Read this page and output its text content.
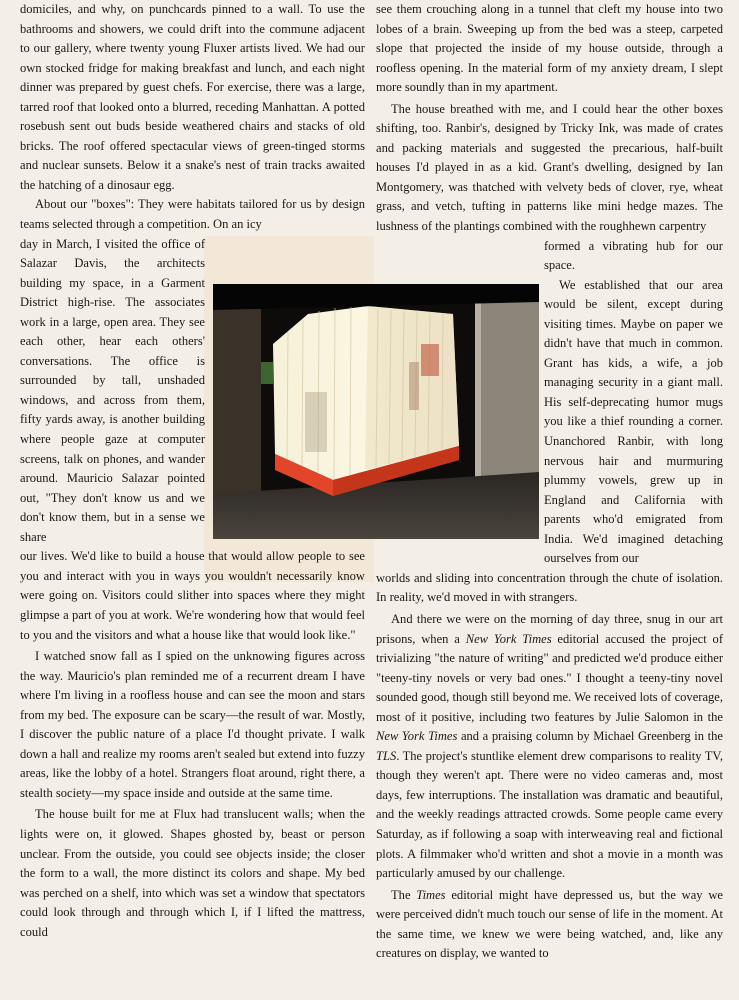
domiciles, and why, on punchcards pinned to a wall. To use the bathrooms and showers, we could drift into the commune adjacent to our gallery, where twenty young Fluxer artists lived. We had our own stocked fridge for making breakfast and lunch, and each night dinner was prepared by guest chefs. For exercise, there was a large, tarred roof that looked onto a blurred, receding Manhattan. A potted rosebush sent out buds beside weathered chairs and stacks of old bricks. The roof offered spectacular views of green-tinged storms and nuclear sunsets. Below it a snake's nest of train tracks awaited the hatching of a dinosaur egg.

About our "boxes": They were habitats tailored for us by design teams selected through a competition. On an icy

day in March, I visited the office of Salazar Davis, the architects building my space, in a Garment District high-rise. The associates work in a large, open area. They see each other, hear each others' conversations. The office is surrounded by tall, unshaded windows, and across from them, fifty yards away, is another building where people gaze at computer screens, talk on phones, and wander around. Mauricio Salazar pointed out, "They don't know us and we don't know them, but in a sense we share

our lives. We'd like to build a house that would allow people to see you and interact with you in ways you wouldn't necessarily know were going on. Visitors could slither into spaces where they might glimpse a part of you at work. We're wondering how that would feel to you and the visitors and what a house like that would look like."

I watched snow fall as I spied on the unknowing figures across the way. Mauricio's plan reminded me of a recurrent dream I have where I'm living in a roofless house and can see the moon and stars from my bed. The exposure can be scary—the result of war. Mostly, I discover the public nature of a place I'd thought private. I walk down a hall and realize my rooms aren't sealed but extend into fuzzy areas, like the lobby of a hotel. Strangers float around, right there, a stealth society—my space inside and outside at the same time.

The house built for me at Flux had translucent walls; when the lights were on, it glowed. Shapes ghosted by, beast or person unclear. From the outside, you could see objects inside; the closer the form to a wall, the more distinct its colors and shape. My bed was perched on a shelf, into which was set a window that spectators could look through and through which I, if I lifted the mattress, could

see them crouching along in a tunnel that cleft my house into two lobes of a brain. Sweeping up from the bed was a steep, carpeted slope that projected the inside of my house outside, through a roofless opening. In the material form of my anxiety dream, I slept more soundly than in my apartment.

The house breathed with me, and I could hear the other boxes shifting, too. Ranbir's, designed by Tricky Ink, was made of crates and packing materials and suggested the precarious, half-built houses I'd played in as a kid. Grant's dwelling, designed by Ian Montgomery, was thatched with velvety beds of clover, rye, wheat grass, and vetch, tufting in patterns like mini hedge mazes. The lushness of the plantings combined with the roughhewn carpentry

formed a vibrating hub for our space.

We established that our area would be silent, except during visiting times. Maybe on paper we didn't have that much in common. Grant has kids, a wife, a job managing security in a giant mall. His self-deprecating humor mugs you like a thief rounding a corner. Unanchored Ranbir, with long nervous hair and murmuring plummy vowels, grew up in England and California with parents who'd emigrated from India. We'd imagined detaching ourselves from our

worlds and sliding into concentration through the chute of isolation. In reality, we'd moved in with strangers.

And there we were on the morning of day three, snug in our art prisons, when a New York Times editorial accused the project of trivializing "the nature of writing" and predicted we'd produce either "teeny-tiny novels or very bad ones." I thought a teeny-tiny novel sounded good, though still beyond me. We received lots of coverage, most of it positive, including two features by Julie Salomon in the New York Times and a praising column by Michael Greenberg in the TLS. The project's stuntlike element drew comparisons to reality TV, though they weren't apt. There were no video cameras and, most days, few interruptions. The installation was dramatic and beautiful, and the weekly readings attracted crowds. Some people came every Saturday, as if following a soap with interweaving real and fictional plots. A filmmaker who'd written and shot a movie in a month was particularly amused by our challenge.

The Times editorial might have depressed us, but the way we were perceived didn't much touch our sense of life in the moment. At the same time, we knew we were being watched, and, like any creatures on display, we wanted to
